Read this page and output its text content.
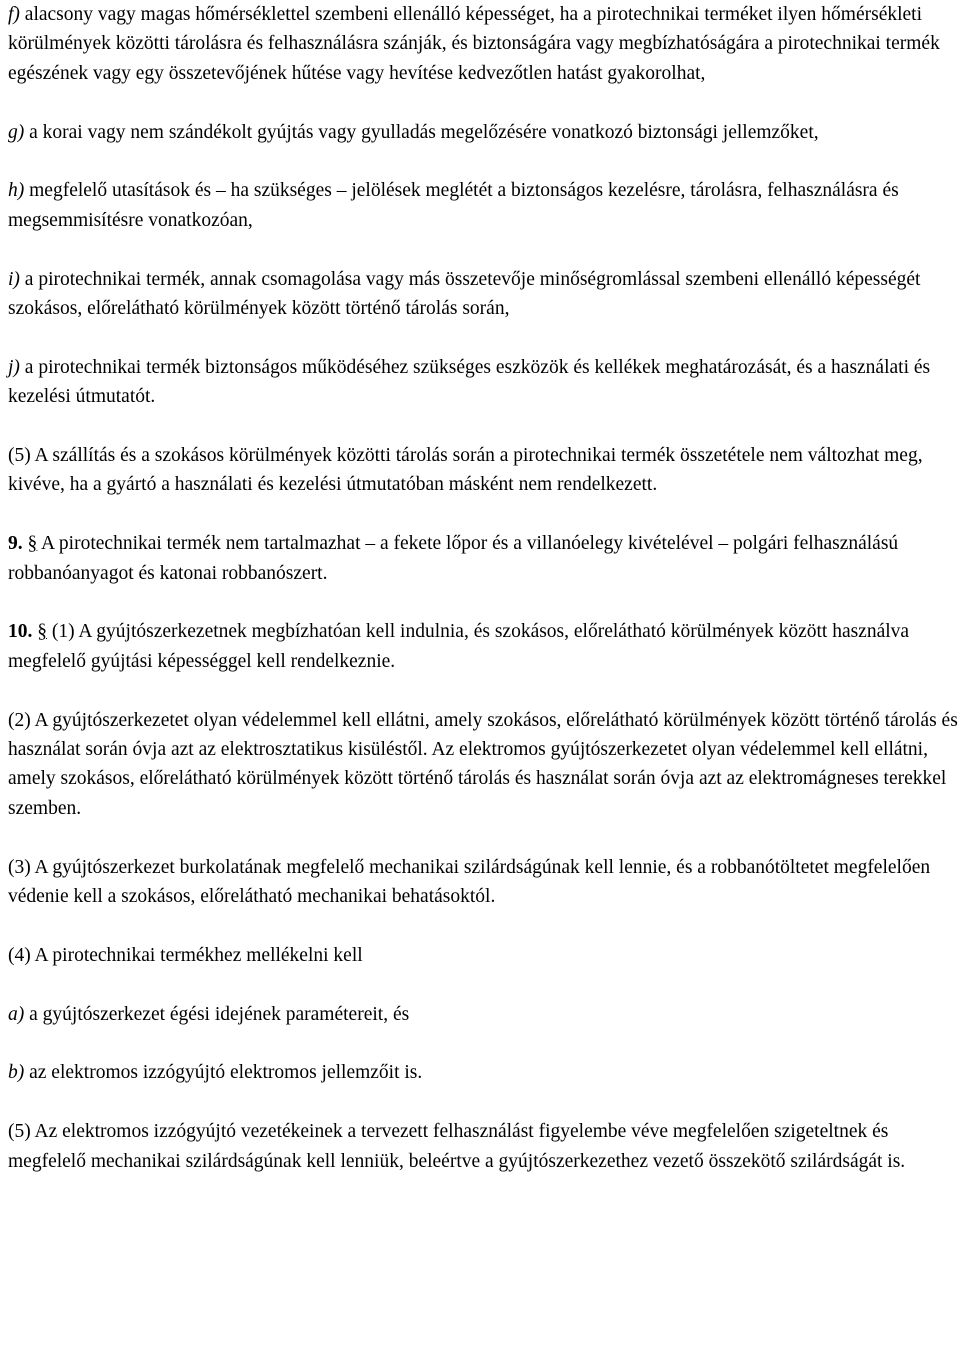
f) alacsony vagy magas hőmérséklettel szembeni ellenálló képességet, ha a pirotechnikai terméket ilyen hőmérsékleti körülmények közötti tárolásra és felhasználásra szánják, és biztonságára vagy megbízhatóságára a pirotechnikai termék egészének vagy egy összetevőjének hűtése vagy hevítése kedvezőtlen hatást gyakorolhat,

g) a korai vagy nem szándékolt gyújtás vagy gyulladás megelőzésére vonatkozó biztonsági jellemzőket,

h) megfelelő utasítások és – ha szükséges – jelölések meglétét a biztonságos kezelésre, tárolásra, felhasználásra és megsemmisítésre vonatkozóan,

i) a pirotechnikai termék, annak csomagolása vagy más összetevője minőségromlással szembeni ellenálló képességét szokásos, előrelátható körülmények között történő tárolás során,

j) a pirotechnikai termék biztonságos működéséhez szükséges eszközök és kellékek meghatározását, és a használati és kezelési útmutatót.

(5) A szállítás és a szokásos körülmények közötti tárolás során a pirotechnikai termék összetétele nem változhat meg, kivéve, ha a gyártó a használati és kezelési útmutatóban másként nem rendelkezett.

9. § A pirotechnikai termék nem tartalmazhat – a fekete lőpor és a villanóelegy kivételével – polgári felhasználású robbanóanyagot és katonai robbanószert.

10. § (1) A gyújtószerkezetnek megbízhatóan kell indulnia, és szokásos, előrelátható körülmények között használva megfelelő gyújtási képességgel kell rendelkeznie.

(2) A gyújtószerkezetet olyan védelemmel kell ellátni, amely szokásos, előrelátható körülmények között történő tárolás és használat során óvja azt az elektrosztatikus kisüléstől. Az elektromos gyújtószerkezetet olyan védelemmel kell ellátni, amely szokásos, előrelátható körülmények között történő tárolás és használat során óvja azt az elektromágneses terekkel szemben.

(3) A gyújtószerkezet burkolatának megfelelő mechanikai szilárdságúnak kell lennie, és a robbanótöltetet megfelelően védenie kell a szokásos, előrelátható mechanikai behatásoktól.

(4) A pirotechnikai termékhez mellékelni kell

a) a gyújtószerkezet égési idejének paramétereit, és

b) az elektromos izzógyújtó elektromos jellemzőit is.

(5) Az elektromos izzógyújtó vezetékeinek a tervezett felhasználást figyelembe véve megfelelően szigeteltnek és megfelelő mechanikai szilárdságúnak kell lenniük, beleértve a gyújtószerkezethez vezető összekötő szilárdságát is.
